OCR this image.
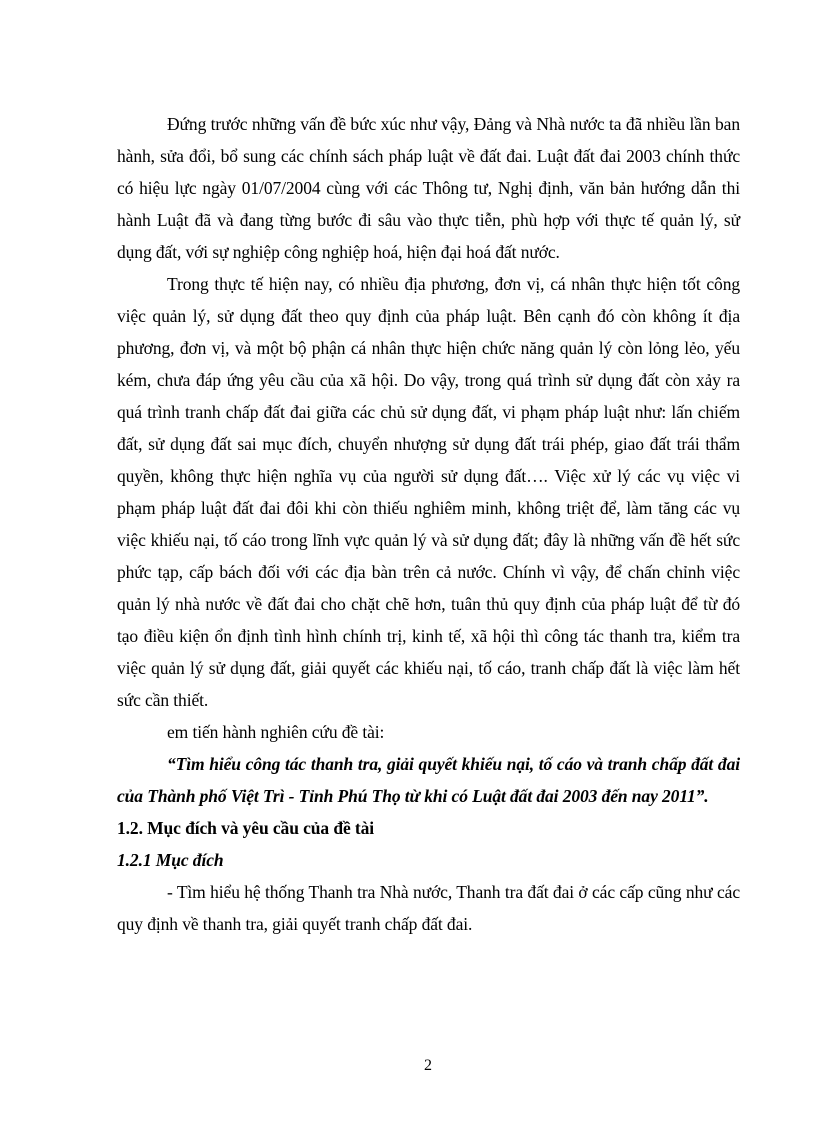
Đứng trước những vấn đề bức xúc như vậy, Đảng và Nhà nước ta đã nhiều lần ban hành, sửa đổi, bổ sung các chính sách pháp luật về đất đai. Luật đất đai 2003 chính thức có hiệu lực ngày 01/07/2004 cùng với các Thông tư, Nghị định, văn bản hướng dẫn thi hành Luật đã và đang từng bước đi sâu vào thực tiễn, phù hợp với thực tế quản lý, sử dụng đất, với sự nghiệp công nghiệp hoá, hiện đại hoá đất nước.

Trong thực tế hiện nay, có nhiều địa phương, đơn vị, cá nhân thực hiện tốt công việc quản lý, sử dụng đất theo quy định của pháp luật. Bên cạnh đó còn không ít địa phương, đơn vị, và một bộ phận cá nhân thực hiện chức năng quản lý còn lỏng lẻo, yếu kém, chưa đáp ứng yêu cầu của xã hội. Do vậy, trong quá trình sử dụng đất còn xảy ra quá trình tranh chấp đất đai giữa các chủ sử dụng đất, vi phạm pháp luật như: lấn chiếm đất, sử dụng đất sai mục đích, chuyển nhượng sử dụng đất trái phép, giao đất trái thẩm quyền, không thực hiện nghĩa vụ của người sử dụng đất…. Việc xử lý các vụ việc vi phạm pháp luật đất đai đôi khi còn thiếu nghiêm minh, không triệt để, làm tăng các vụ việc khiếu nại, tố cáo trong lĩnh vực quản lý và sử dụng đất; đây là những vấn đề hết sức phức tạp, cấp bách đối với các địa bàn trên cả nước. Chính vì vậy, để chấn chỉnh việc quản lý nhà nước về đất đai cho chặt chẽ hơn, tuân thủ quy định của pháp luật để từ đó tạo điều kiện ổn định tình hình chính trị, kinh tế, xã hội thì công tác thanh tra, kiểm tra việc quản lý sử dụng đất, giải quyết các khiếu nại, tố cáo, tranh chấp đất là việc làm hết sức cần thiết.

em tiến hành nghiên cứu đề tài:

“Tìm hiểu công tác thanh tra, giải quyết khiếu nại, tố cáo và tranh chấp đất đai của Thành phố Việt Trì - Tỉnh Phú Thọ từ khi có Luật đất đai 2003 đến nay 2011”.

1.2. Mục đích và yêu cầu của đề tài

1.2.1 Mục đích

- Tìm hiểu hệ thống Thanh tra Nhà nước, Thanh tra đất đai ở các cấp cũng như các quy định về thanh tra, giải quyết tranh chấp đất đai.

2
